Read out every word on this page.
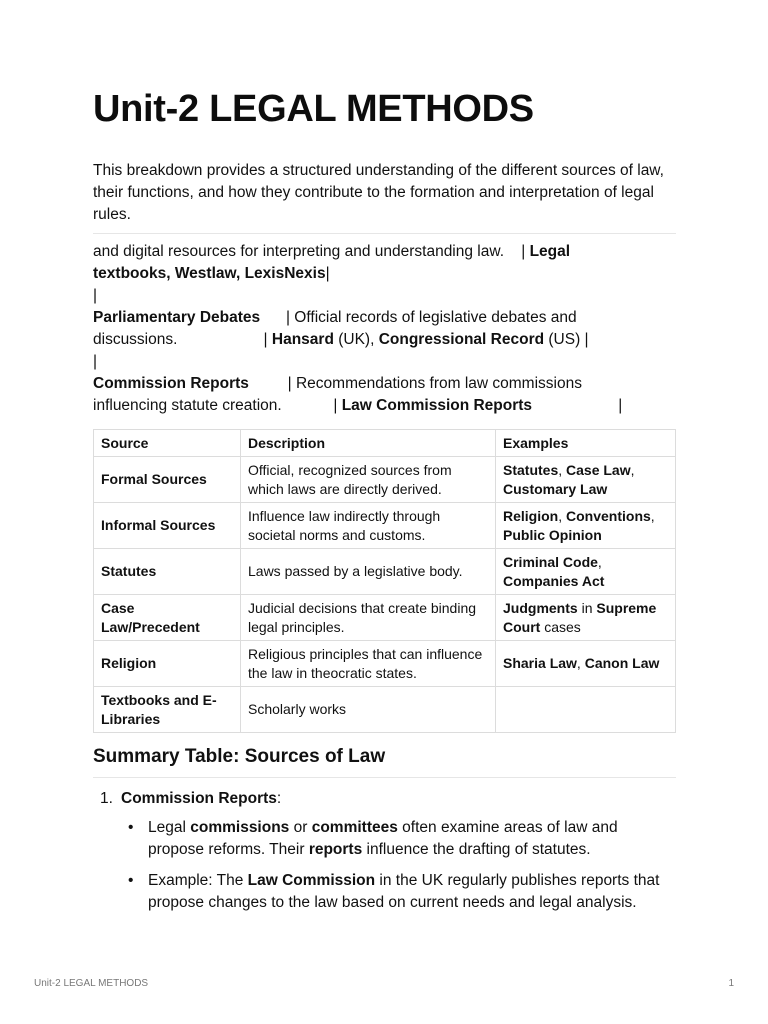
Unit-2 LEGAL METHODS

This breakdown provides a structured understanding of the different sources of law, their functions, and how they contribute to the formation and interpretation of legal rules.

and digital resources for interpreting and understanding law.    | Legal
textbooks, Westlaw, LexisNexis|
|
Parliamentary Debates      | Official records of legislative debates and
discussions.                    | Hansard (UK), Congressional Record (US) |
|
Commission Reports         | Recommendations from law commissions
influencing statute creation.            | Law Commission Reports                    |
Source	Description	Examples
Formal Sources	Official, recognized sources from which laws are directly derived.	Statutes, Case Law, Customary Law
Informal Sources	Influence law indirectly through societal norms and customs.	Religion, Conventions, Public Opinion
Statutes	Laws passed by a legislative body.	Criminal Code, Companies Act
Case Law/Precedent	Judicial decisions that create binding legal principles.	Judgments in Supreme Court cases
Religion	Religious principles that can influence the law in theocratic states.	Sharia Law, Canon Law
Textbooks and E-Libraries	Scholarly works	
Summary Table: Sources of Law
1. Commission Reports:
• Legal commissions or committees often examine areas of law and propose reforms. Their reports influence the drafting of statutes.
• Example: The Law Commission in the UK regularly publishes reports that propose changes to the law based on current needs and legal analysis.
Unit-2 LEGAL METHODS	1
